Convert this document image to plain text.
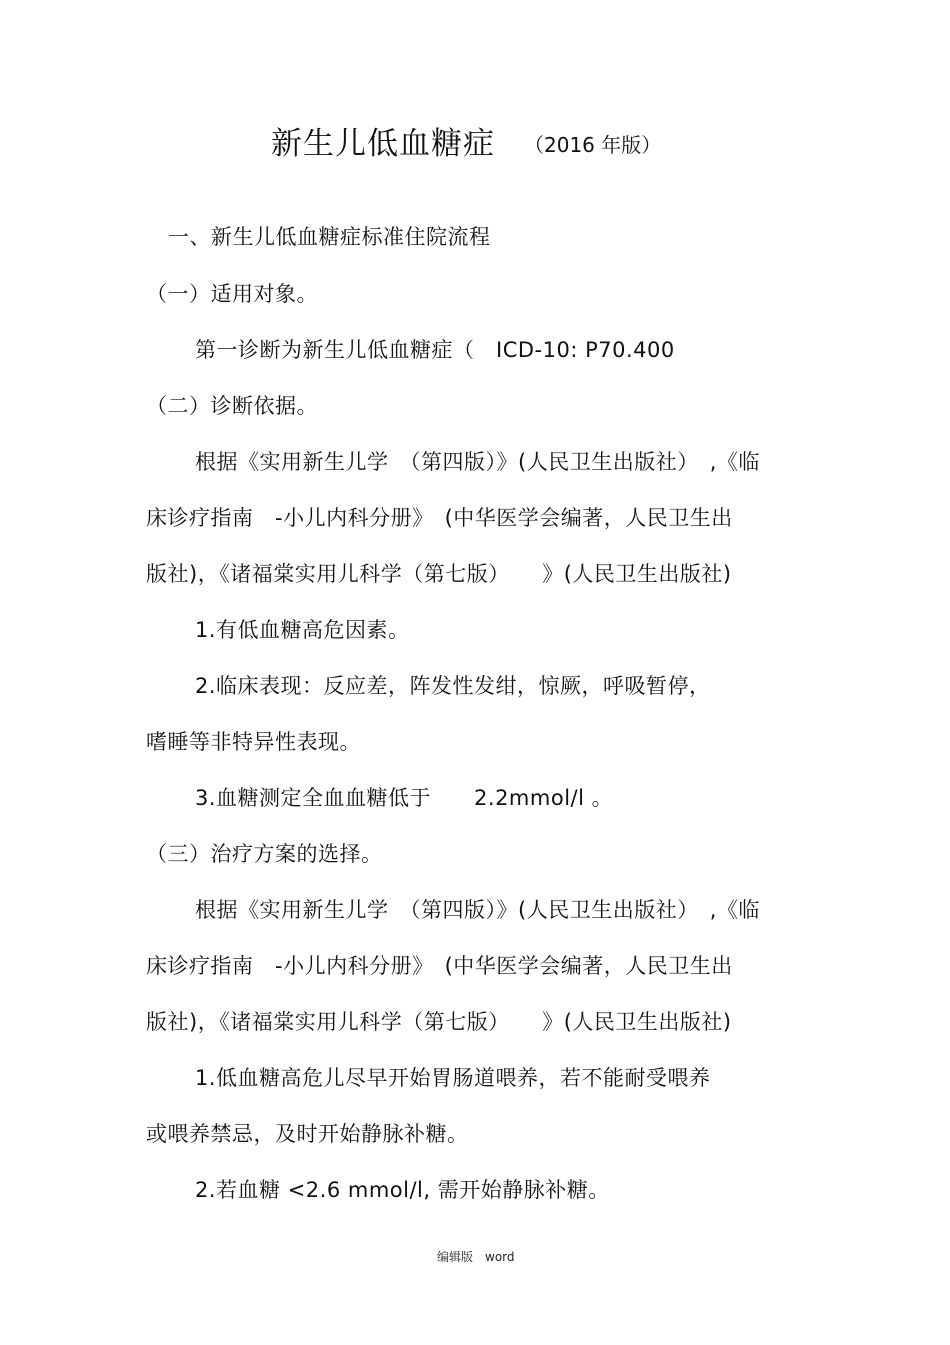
新生儿低血糖症 （2016 年版）
一、新生儿低血糖症标准住院流程
（一）适用对象。
第一诊断为新生儿低血糖症（　ICD-10: P70.400
（二）诊断依据。
根据《实用新生儿学　（第四版）》(人民卫生出版社）　,《临
床诊疗指南　-小儿内科分册》　(中华医学会编著，人民卫生出
版社)，《诸福棠实用儿科学（第七版）　　》(人民卫生出版社)
1.有低血糖高危因素。
2.临床表现：反应差，阵发性发绀，惊厥，呼吸暂停，
嗜睡等非特异性表现。
3.血糖测定全血血糖低于　　2.2mmol/l 。
（三）治疗方案的选择。
根据《实用新生儿学　（第四版）》(人民卫生出版社）　,《临
床诊疗指南　-小儿内科分册》　(中华医学会编著，人民卫生出
版社)，《诸福棠实用儿科学（第七版）　　》(人民卫生出版社)
1.低血糖高危儿尽早开始胃肠道喂养，若不能耐受喂养
或喂养禁忌，及时开始静脉补糖。
2.若血糖 <2.6 mmol/l, 需开始静脉补糖。
编辑版　word
